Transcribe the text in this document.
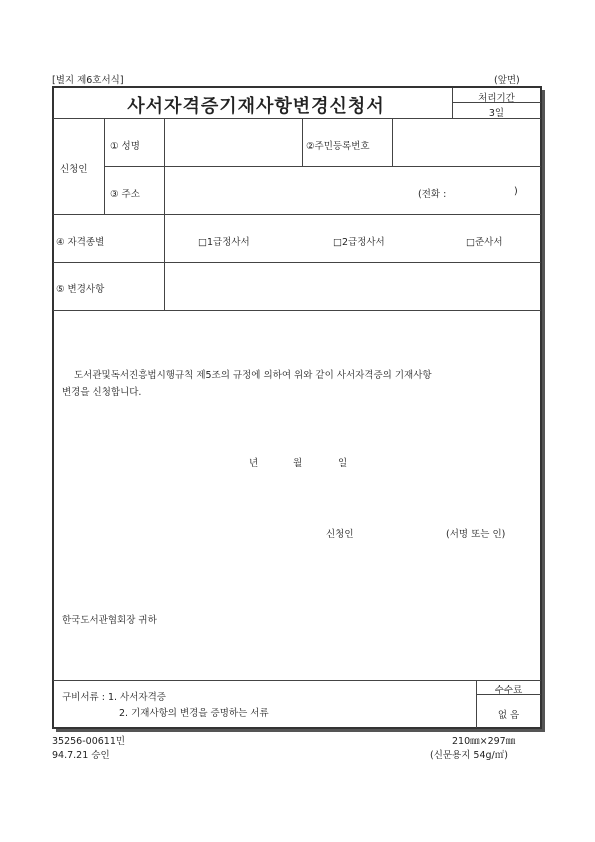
[별지 제6호서식]	(앞면)
사서자격증기재사항변경신청서	처리기간
3일
신청인
① 성명	②주민등록번호
③ 주소	(전화 :	)
④ 자격종별	□1급정사서	□2급정사서	□준사서
⑤ 변경사항
도서관및독서진흥법시행규칙 제5조의 규정에 의하여 위와 같이 사서자격증의 기재사항
변경을 신청합니다.
년	월	일
신청인	(서명 또는 인)
한국도서관협회장 귀하
구비서류 : 1. 사서자격증
2. 기재사항의 변경을 증명하는 서류
수수료
없 음
35256-00611민
94.7.21 승인
210㎜×297㎜
(신문용지 54g/㎡)
